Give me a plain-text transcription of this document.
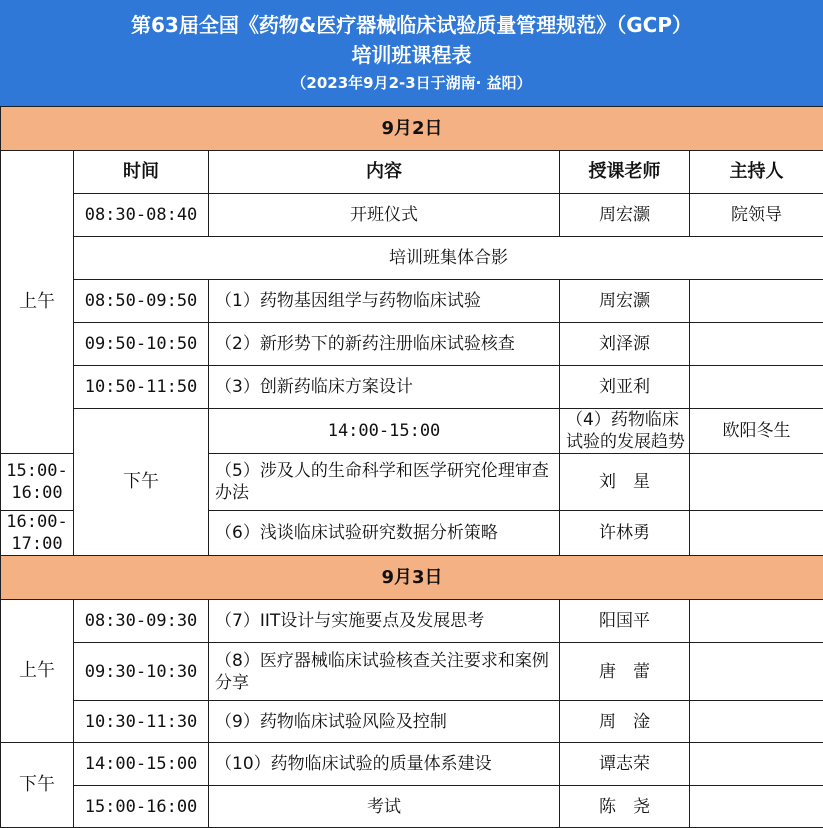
第63届全国《药物&医疗器械临床试验质量管理规范》（GCP）
培训班课程表
（2023年9月2-3日于湖南· 益阳）
9月2日					
上午	时间	内容	授课老师	主持人	
	08:30-08:40	开班仪式	周宏灏	院领导	
	培训班集体合影				
	08:50-09:50	（1）药物基因组学与药物临床试验	周宏灏		
	09:50-10:50	（2）新形势下的新药注册临床试验核查	刘泽源		
	10:50-11:50	（3）创新药临床方案设计	刘亚利		
	下午	14:00-15:00	（4）药物临床试验的发展趋势	欧阳冬生	
15:00-16:00		（5）涉及人的生命科学和医学研究伦理审查办法	刘　星		
16:00-17:00		（6）浅谈临床试验研究数据分析策略	许林勇		
9月3日					
上午	08:30-09:30	（7）IIT设计与实施要点及发展思考	阳国平		
	09:30-10:30	（8）医疗器械临床试验核查关注要求和案例分享	唐　蕾		
	10:30-11:30	（9）药物临床试验风险及控制	周　淦		
下午	14:00-15:00	（10）药物临床试验的质量体系建设	谭志荣		
	15:00-16:00	考试	陈　尧		
